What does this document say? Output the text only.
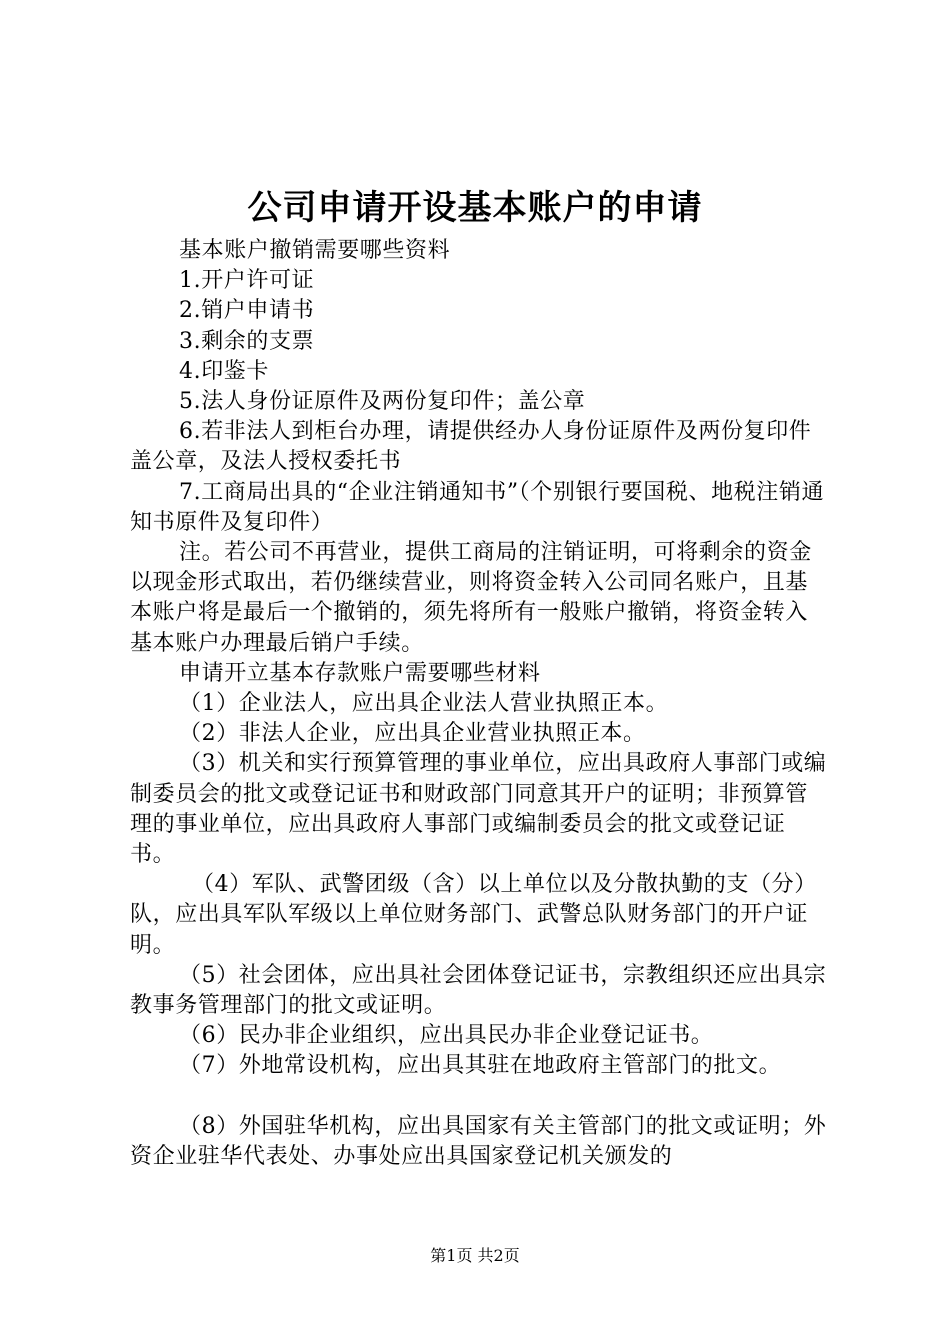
公司申请开设基本账户的申请

基本账户撤销需要哪些资料

1.开户许可证

2.销户申请书

3.剩余的支票

4.印鉴卡

5.法人身份证原件及两份复印件；盖公章

6.若非法人到柜台办理，请提供经办人身份证原件及两份复印件盖公章，及法人授权委托书

7.工商局出具的“企业注销通知书”（个别银行要国税、地税注销通知书原件及复印件）

注。若公司不再营业，提供工商局的注销证明，可将剩余的资金以现金形式取出，若仍继续营业，则将资金转入公司同名账户，且基本账户将是最后一个撤销的，须先将所有一般账户撤销，将资金转入基本账户办理最后销户手续。

申请开立基本存款账户需要哪些材料

（1）企业法人，应出具企业法人营业执照正本。

（2）非法人企业，应出具企业营业执照正本。

（3）机关和实行预算管理的事业单位，应出具政府人事部门或编制委员会的批文或登记证书和财政部门同意其开户的证明；非预算管理的事业单位，应出具政府人事部门或编制委员会的批文或登记证书。

（4）军队、武警团级（含）以上单位以及分散执勤的支（分）队，应出具军队军级以上单位财务部门、武警总队财务部门的开户证明。

（5）社会团体，应出具社会团体登记证书，宗教组织还应出具宗教事务管理部门的批文或证明。

（6）民办非企业组织，应出具民办非企业登记证书。

（7）外地常设机构，应出具其驻在地政府主管部门的批文。

（8）外国驻华机构，应出具国家有关主管部门的批文或证明；外资企业驻华代表处、办事处应出具国家登记机关颁发的

第1页 共2页
